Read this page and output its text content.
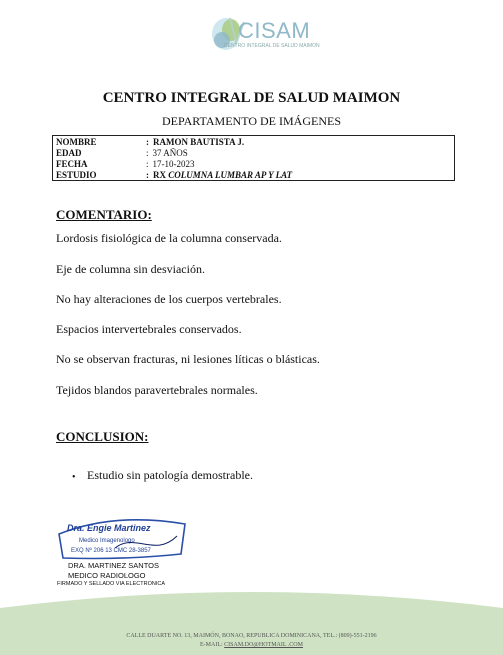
CISAM
CENTRO INTEGRAL DE SALUD MAIMON
CENTRO INTEGRAL DE SALUD MAIMON
DEPARTAMENTO DE IMÁGENES
NOMBRE	: RAMON BAUTISTA J.
EDAD	: 37 AÑOS
FECHA	: 17-10-2023
ESTUDIO	: RX COLUMNA LUMBAR AP Y LAT
COMENTARIO:
Lordosis fisiológica de la columna conservada.
Eje de columna sin desviación.
No hay alteraciones de los cuerpos vertebrales.
Espacios intervertebrales conservados.
No se observan fracturas, ni lesiones líticas o blásticas.
Tejidos blandos paravertebrales normales.
CONCLUSION:
• Estudio sin patología demostrable.
Dra. Engie Martinez
Medico Imagenologo
EXQ Nº 206 13 CMC 28-3857
DRA. MARTINEZ SANTOS
MEDICO RADIOLOGO
FIRMADO Y SELLADO VIA ELECTRONICA
CALLE DUARTE NO. 13, MAIMÓN, BONAO, REPUBLICA DOMINICANA, TEL.: (809)-551-2196
E-MAIL: CISAM.DO@HOTMAIL .COM
